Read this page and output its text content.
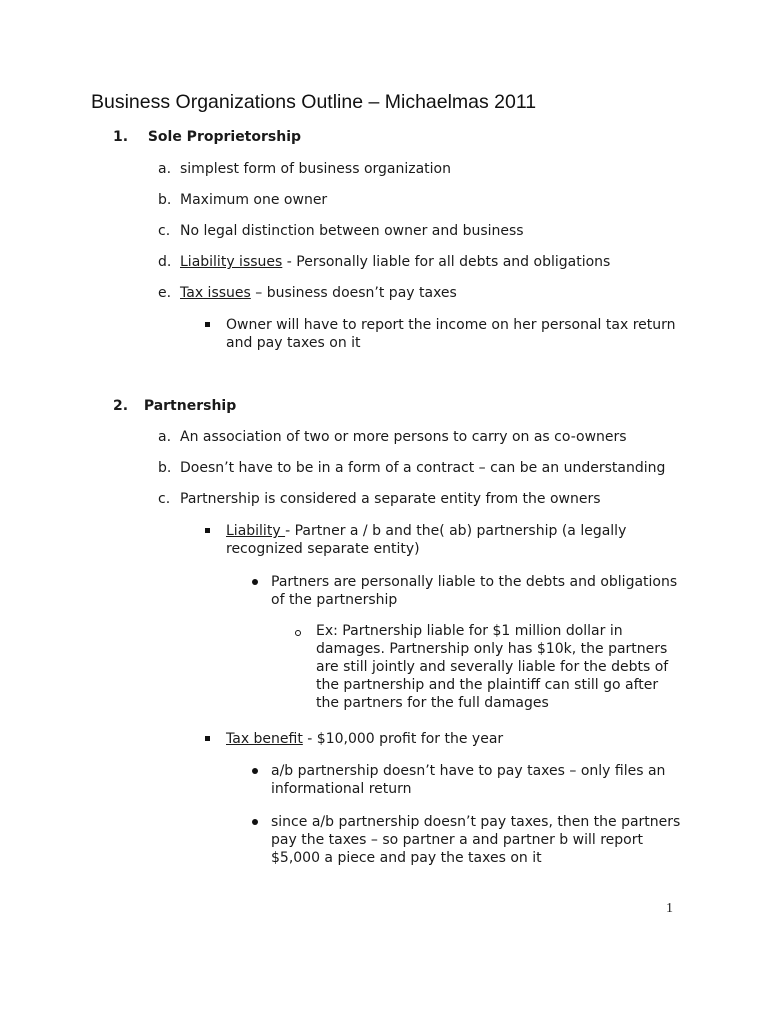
Business Organizations Outline – Michaelmas 2011
1. Sole Proprietorship
a. simplest form of business organization
b. Maximum one owner
c. No legal distinction between owner and business
d. Liability issues - Personally liable for all debts and obligations
e. Tax issues – business doesn’t pay taxes
Owner will have to report the income on her personal tax return and pay taxes on it
2. Partnership
a. An association of two or more persons to carry on as co-owners
b. Doesn’t have to be in a form of a contract – can be an understanding
c. Partnership is considered a separate entity from the owners
Liability - Partner a / b and the( ab) partnership (a legally recognized separate entity)
Partners are personally liable to the debts and obligations of the partnership
Ex: Partnership liable for $1 million dollar in damages. Partnership only has $10k, the partners are still jointly and severally liable for the debts of the partnership and the plaintiff can still go after the partners for the full damages
Tax benefit - $10,000 profit for the year
a/b partnership doesn’t have to pay taxes – only files an informational return
since a/b partnership doesn’t pay taxes, then the partners pay the taxes – so partner a and partner b will report $5,000 a piece and pay the taxes on it
1
